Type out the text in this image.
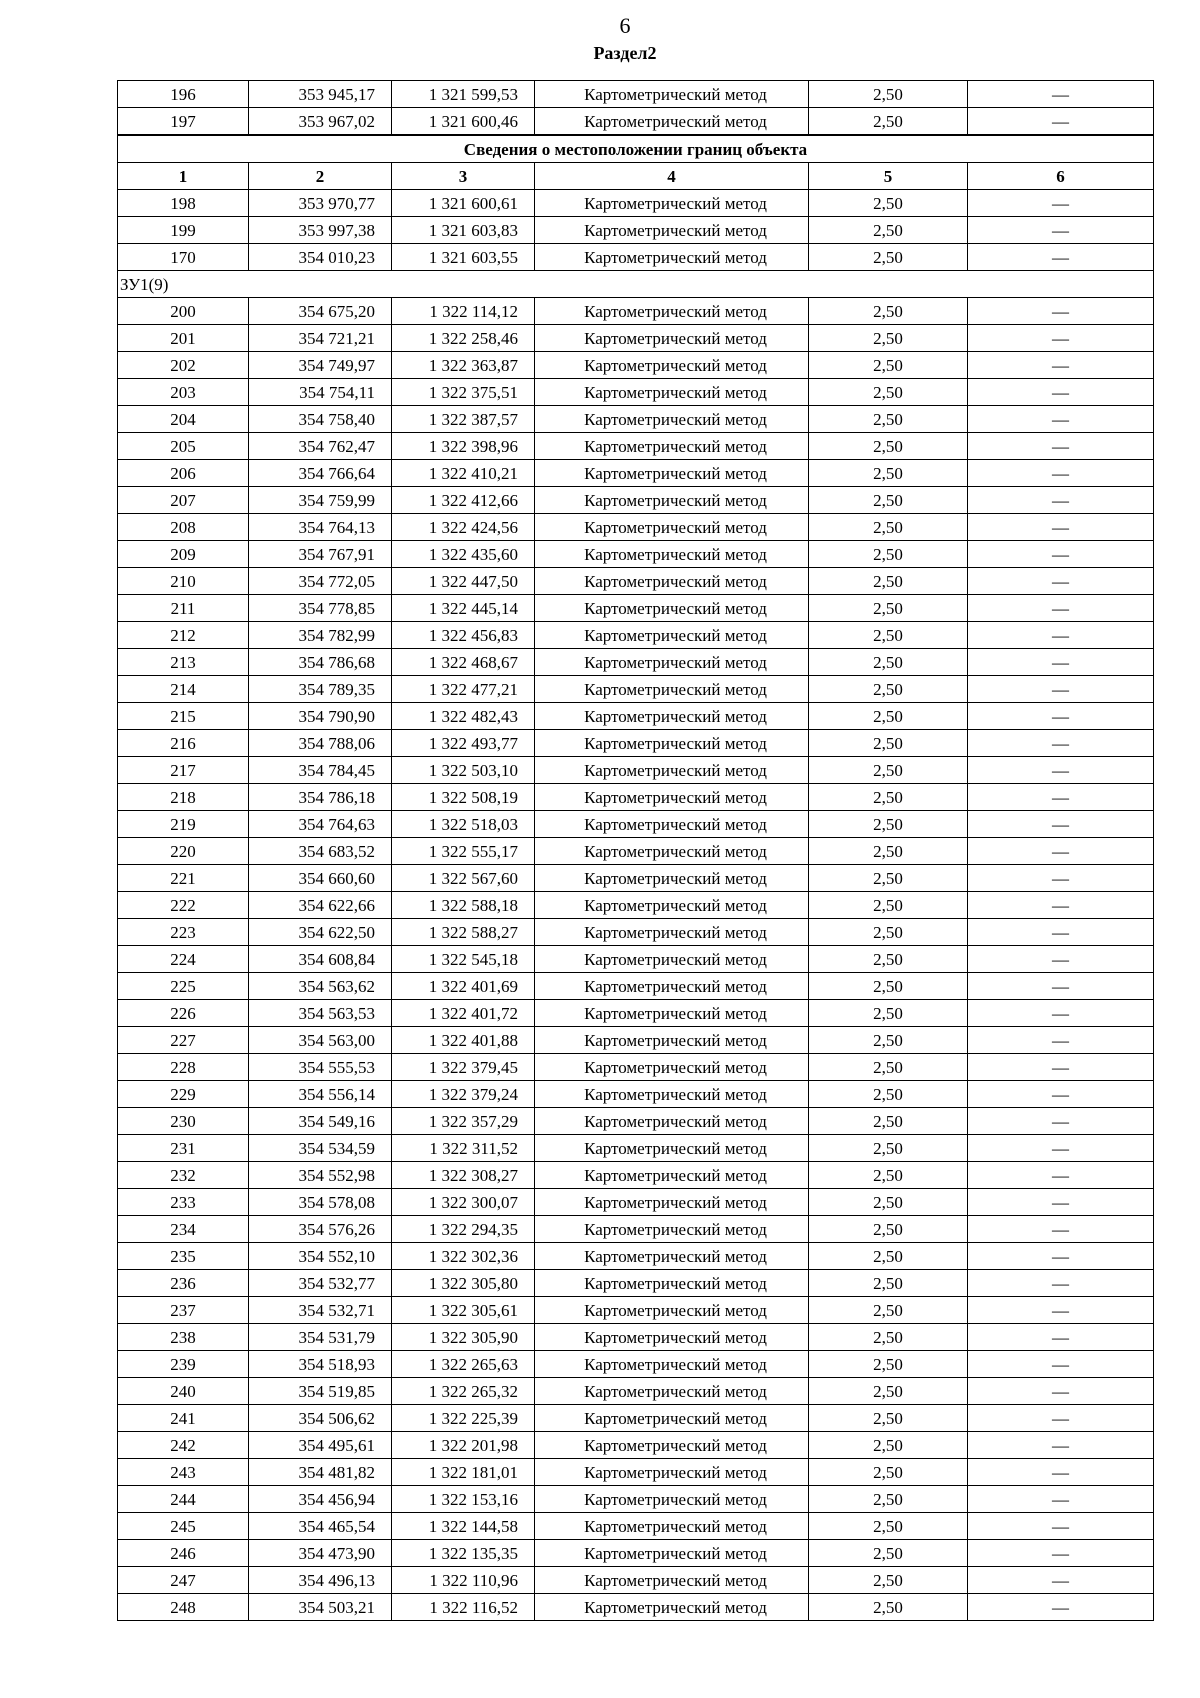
6
Раздел2
196	353 945,17	1 321 599,53	Картометрический метод	2,50	—
197	353 967,02	1 321 600,46	Картометрический метод	2,50	—
Сведения о местоположении границ объекта					
1	2	3	4	5	6
198	353 970,77	1 321 600,61	Картометрический метод	2,50	—
199	353 997,38	1 321 603,83	Картометрический метод	2,50	—
170	354 010,23	1 321 603,55	Картометрический метод	2,50	—
ЗУ1(9)					
200	354 675,20	1 322 114,12	Картометрический метод	2,50	—
201	354 721,21	1 322 258,46	Картометрический метод	2,50	—
202	354 749,97	1 322 363,87	Картометрический метод	2,50	—
203	354 754,11	1 322 375,51	Картометрический метод	2,50	—
204	354 758,40	1 322 387,57	Картометрический метод	2,50	—
205	354 762,47	1 322 398,96	Картометрический метод	2,50	—
206	354 766,64	1 322 410,21	Картометрический метод	2,50	—
207	354 759,99	1 322 412,66	Картометрический метод	2,50	—
208	354 764,13	1 322 424,56	Картометрический метод	2,50	—
209	354 767,91	1 322 435,60	Картометрический метод	2,50	—
210	354 772,05	1 322 447,50	Картометрический метод	2,50	—
211	354 778,85	1 322 445,14	Картометрический метод	2,50	—
212	354 782,99	1 322 456,83	Картометрический метод	2,50	—
213	354 786,68	1 322 468,67	Картометрический метод	2,50	—
214	354 789,35	1 322 477,21	Картометрический метод	2,50	—
215	354 790,90	1 322 482,43	Картометрический метод	2,50	—
216	354 788,06	1 322 493,77	Картометрический метод	2,50	—
217	354 784,45	1 322 503,10	Картометрический метод	2,50	—
218	354 786,18	1 322 508,19	Картометрический метод	2,50	—
219	354 764,63	1 322 518,03	Картометрический метод	2,50	—
220	354 683,52	1 322 555,17	Картометрический метод	2,50	—
221	354 660,60	1 322 567,60	Картометрический метод	2,50	—
222	354 622,66	1 322 588,18	Картометрический метод	2,50	—
223	354 622,50	1 322 588,27	Картометрический метод	2,50	—
224	354 608,84	1 322 545,18	Картометрический метод	2,50	—
225	354 563,62	1 322 401,69	Картометрический метод	2,50	—
226	354 563,53	1 322 401,72	Картометрический метод	2,50	—
227	354 563,00	1 322 401,88	Картометрический метод	2,50	—
228	354 555,53	1 322 379,45	Картометрический метод	2,50	—
229	354 556,14	1 322 379,24	Картометрический метод	2,50	—
230	354 549,16	1 322 357,29	Картометрический метод	2,50	—
231	354 534,59	1 322 311,52	Картометрический метод	2,50	—
232	354 552,98	1 322 308,27	Картометрический метод	2,50	—
233	354 578,08	1 322 300,07	Картометрический метод	2,50	—
234	354 576,26	1 322 294,35	Картометрический метод	2,50	—
235	354 552,10	1 322 302,36	Картометрический метод	2,50	—
236	354 532,77	1 322 305,80	Картометрический метод	2,50	—
237	354 532,71	1 322 305,61	Картометрический метод	2,50	—
238	354 531,79	1 322 305,90	Картометрический метод	2,50	—
239	354 518,93	1 322 265,63	Картометрический метод	2,50	—
240	354 519,85	1 322 265,32	Картометрический метод	2,50	—
241	354 506,62	1 322 225,39	Картометрический метод	2,50	—
242	354 495,61	1 322 201,98	Картометрический метод	2,50	—
243	354 481,82	1 322 181,01	Картометрический метод	2,50	—
244	354 456,94	1 322 153,16	Картометрический метод	2,50	—
245	354 465,54	1 322 144,58	Картометрический метод	2,50	—
246	354 473,90	1 322 135,35	Картометрический метод	2,50	—
247	354 496,13	1 322 110,96	Картометрический метод	2,50	—
248	354 503,21	1 322 116,52	Картометрический метод	2,50	—
